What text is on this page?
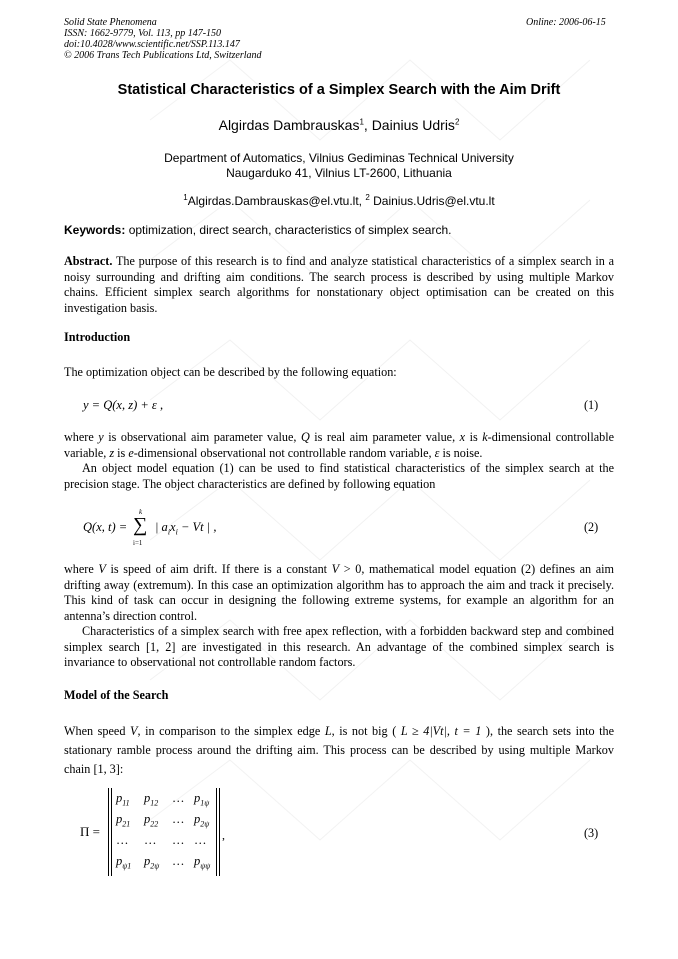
Solid State Phenomena
ISSN: 1662-9779, Vol. 113, pp 147-150
doi:10.4028/www.scientific.net/SSP.113.147
© 2006 Trans Tech Publications Ltd, Switzerland
Online: 2006-06-15
Statistical Characteristics of a Simplex Search with the Aim Drift
Algirdas Dambrauskas$^1$, Dainius Udris$^2$
Department of Automatics, Vilnius Gediminas Technical University
Naugarduko 41, Vilnius LT-2600, Lithuania
$^1$Algirdas.Dambrauskas@el.vtu.lt, $^2$ Dainius.Udris@el.vtu.lt
Keywords: optimization, direct search, characteristics of simplex search.
Abstract. The purpose of this research is to find and analyze statistical characteristics of a simplex search in a noisy surrounding and drifting aim conditions. The search process is described by using multiple Markov chains. Efficient simplex search algorithms for nonstationary object optimisation can be created on this investigation basis.
Introduction
The optimization object can be described by the following equation:
y = Q(x, z) + ε ,	(1)
where y is observational aim parameter value, Q is real aim parameter value, x is k-dimensional controllable variable, z is e-dimensional observational not controllable random variable, ε is noise.
An object model equation (1) can be used to find statistical characteristics of the simplex search at the precision stage. The object characteristics are defined by following equation
Q(x, t) =
k
∑
i=1
| $a_ix_i - Vt$ | ,	(2)
where V is speed of aim drift. If there is a constant V > 0, mathematical model equation (2) defines an aim drifting away (extremum). In this case an optimization algorithm has to approach the aim and track it precisely. This kind of task can occur in designing the following extreme systems, for example an algorithm for an antenna’s direction control.
Characteristics of a simplex search with free apex reflection, with a forbidden backward step and combined simplex search [1, 2] are investigated in this research. An advantage of the combined simplex search is invariance to observational not controllable random factors.
Model of the Search
When speed V, in comparison to the simplex edge L, is not big ( L ≥ 4|Vt|, t = 1 ), the search sets into the stationary ramble process around the drifting aim. This process can be described by using multiple Markov chain [1, 3]:
Π =
$p_{11}$ $p_{12}$ … $p_{1\psi}$
$p_{21}$ $p_{22}$ … $p_{2\psi}$
… … … …
$p_{\psi 1}$ $p_{2\psi}$ … $p_{\psi\psi}$
,	(3)
